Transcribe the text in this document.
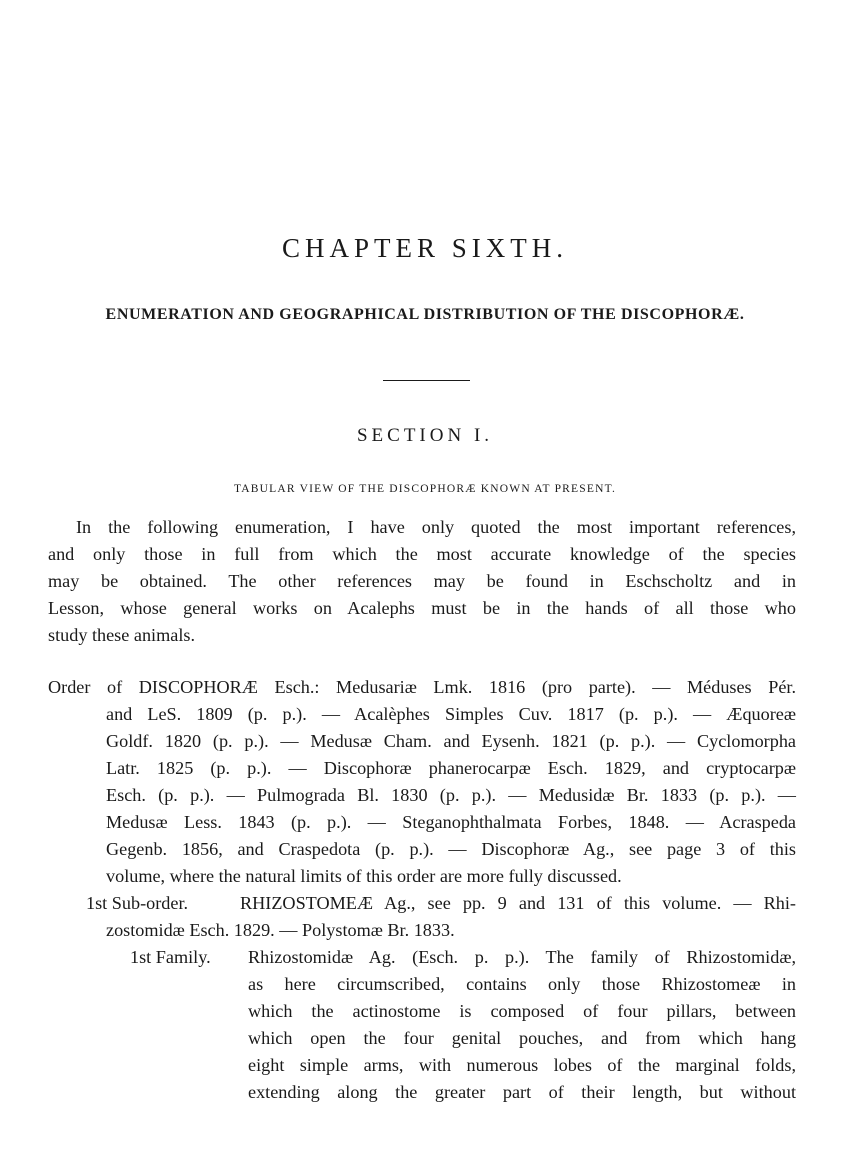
CHAPTER SIXTH.
ENUMERATION AND GEOGRAPHICAL DISTRIBUTION OF THE DISCOPHORÆ.
SECTION I.
TABULAR VIEW OF THE DISCOPHORÆ KNOWN AT PRESENT.
In the following enumeration, I have only quoted the most important references,
and only those in full from which the most accurate knowledge of the species
may be obtained. The other references may be found in Eschscholtz and in
Lesson, whose general works on Acalephs must be in the hands of all those who
study these animals.
Order of DISCOPHORÆ Esch.: Medusariæ Lmk. 1816 (pro parte). — Méduses Pér.
and LeS. 1809 (p. p.). — Acalèphes Simples Cuv. 1817 (p. p.). — Æquoreæ
Goldf. 1820 (p. p.). — Medusæ Cham. and Eysenh. 1821 (p. p.). — Cyclomorpha
Latr. 1825 (p. p.). — Discophoræ phanerocarpæ Esch. 1829, and cryptocarpæ
Esch. (p. p.). — Pulmograda Bl. 1830 (p. p.). — Medusidæ Br. 1833 (p. p.). —
Medusæ Less. 1843 (p. p.). — Steganophthalmata Forbes, 1848. — Acraspeda
Gegenb. 1856, and Craspedota (p. p.). — Discophoræ Ag., see page 3 of this
volume, where the natural limits of this order are more fully discussed.
1st Sub-order.	RHIZOSTOMEÆ Ag., see pp. 9 and 131 of this volume. — Rhi-
zostomidæ Esch. 1829. — Polystomæ Br. 1833.
1st Family. Rhizostomidæ Ag. (Esch. p. p.). The family of Rhizostomidæ,
as here circumscribed, contains only those Rhizostomeæ in
which the actinostome is composed of four pillars, between
which open the four genital pouches, and from which hang
eight simple arms, with numerous lobes of the marginal folds,
extending along the greater part of their length, but without
